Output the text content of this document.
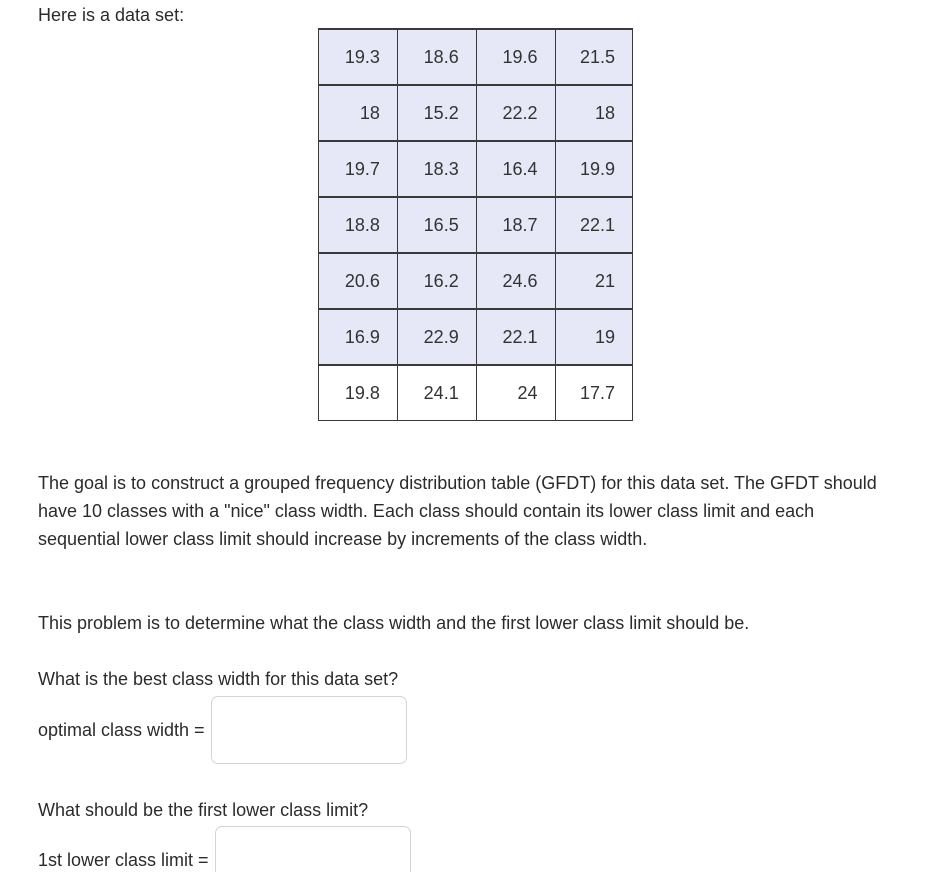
Here is a data set:

19.3	18.6	19.6	21.5
18	15.2	22.2	18
19.7	18.3	16.4	19.9
18.8	16.5	18.7	22.1
20.6	16.2	24.6	21
16.9	22.9	22.1	19
19.8	24.1	24	17.7

The goal is to construct a grouped frequency distribution table (GFDT) for this data set. The GFDT should have 10 classes with a "nice" class width. Each class should contain its lower class limit and each sequential lower class limit should increase by increments of the class width.

This problem is to determine what the class width and the first lower class limit should be.

What is the best class width for this data set?

optimal class width =

What should be the first lower class limit?

1st lower class limit =
